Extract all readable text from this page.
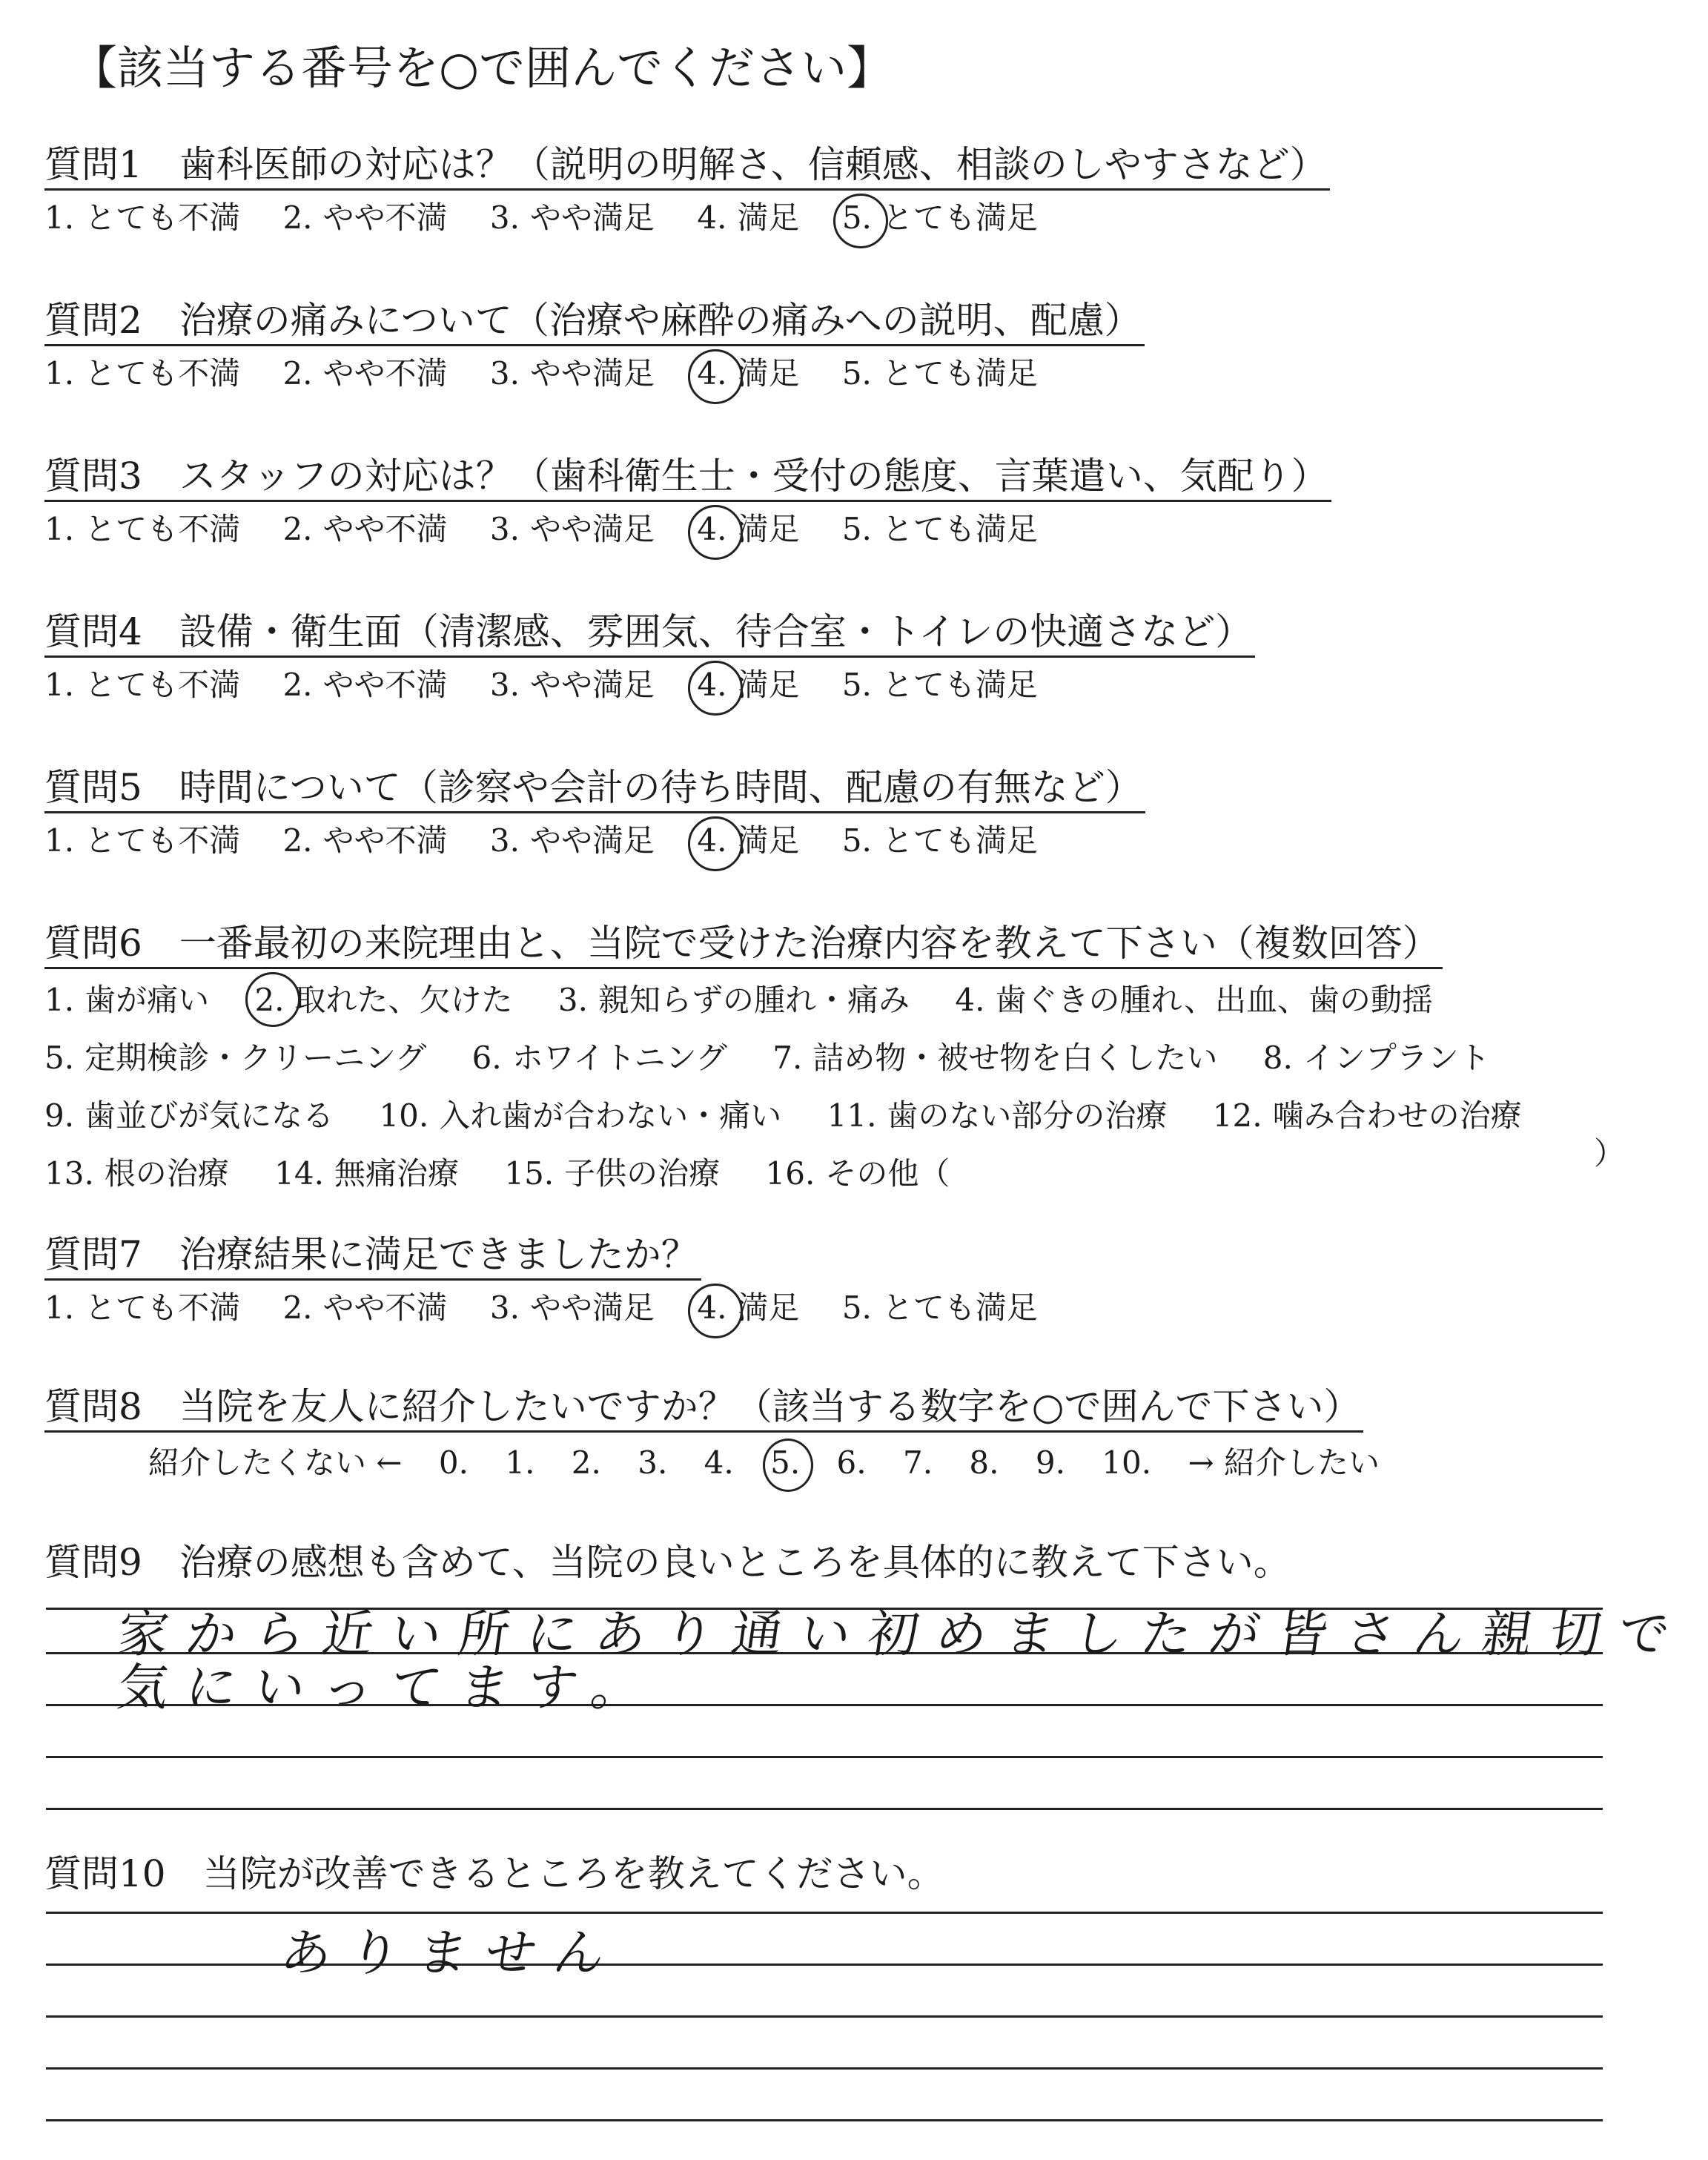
【該当する番号を○で囲んでください】
質問1　歯科医師の対応は？（説明の明解さ、信頼感、相談のしやすさなど）
1. とても不満 2. やや不満 3. やや満足 4. 満足 5. とても満足
質問2　治療の痛みについて（治療や麻酔の痛みへの説明、配慮）
1. とても不満 2. やや不満 3. やや満足 4. 満足 5. とても満足
質問3　スタッフの対応は？（歯科衛生士・受付の態度、言葉遣い、気配り）
1. とても不満 2. やや不満 3. やや満足 4. 満足 5. とても満足
質問4　設備・衛生面（清潔感、雰囲気、待合室・トイレの快適さなど）
1. とても不満 2. やや不満 3. やや満足 4. 満足 5. とても満足
質問5　時間について（診察や会計の待ち時間、配慮の有無など）
1. とても不満 2. やや不満 3. やや満足 4. 満足 5. とても満足
質問6　一番最初の来院理由と、当院で受けた治療内容を教えて下さい（複数回答）
1. 歯が痛い 2. 取れた、欠けた 3. 親知らずの腫れ・痛み 4. 歯ぐきの腫れ、出血、歯の動揺
5. 定期検診・クリーニング 6. ホワイトニング 7. 詰め物・被せ物を白くしたい 8. インプラント
9. 歯並びが気になる 10. 入れ歯が合わない・痛い 11. 歯のない部分の治療 12. 噛み合わせの治療
13. 根の治療 14. 無痛治療 15. 子供の治療 16. その他（
）
質問7　治療結果に満足できましたか？
1. とても不満 2. やや不満 3. やや満足 4. 満足 5. とても満足
質問8　当院を友人に紹介したいですか？（該当する数字を○で囲んで下さい）
紹介したくない ← 0. 1. 2. 3. 4. 5. 6. 7. 8. 9. 10. → 紹介したい
質問9　治療の感想も含めて、当院の良いところを具体的に教えて下さい。
家から近い所にあり通い初めましたが皆さん親切で
気にいってます。
質問10　当院が改善できるところを教えてください。
ありません
